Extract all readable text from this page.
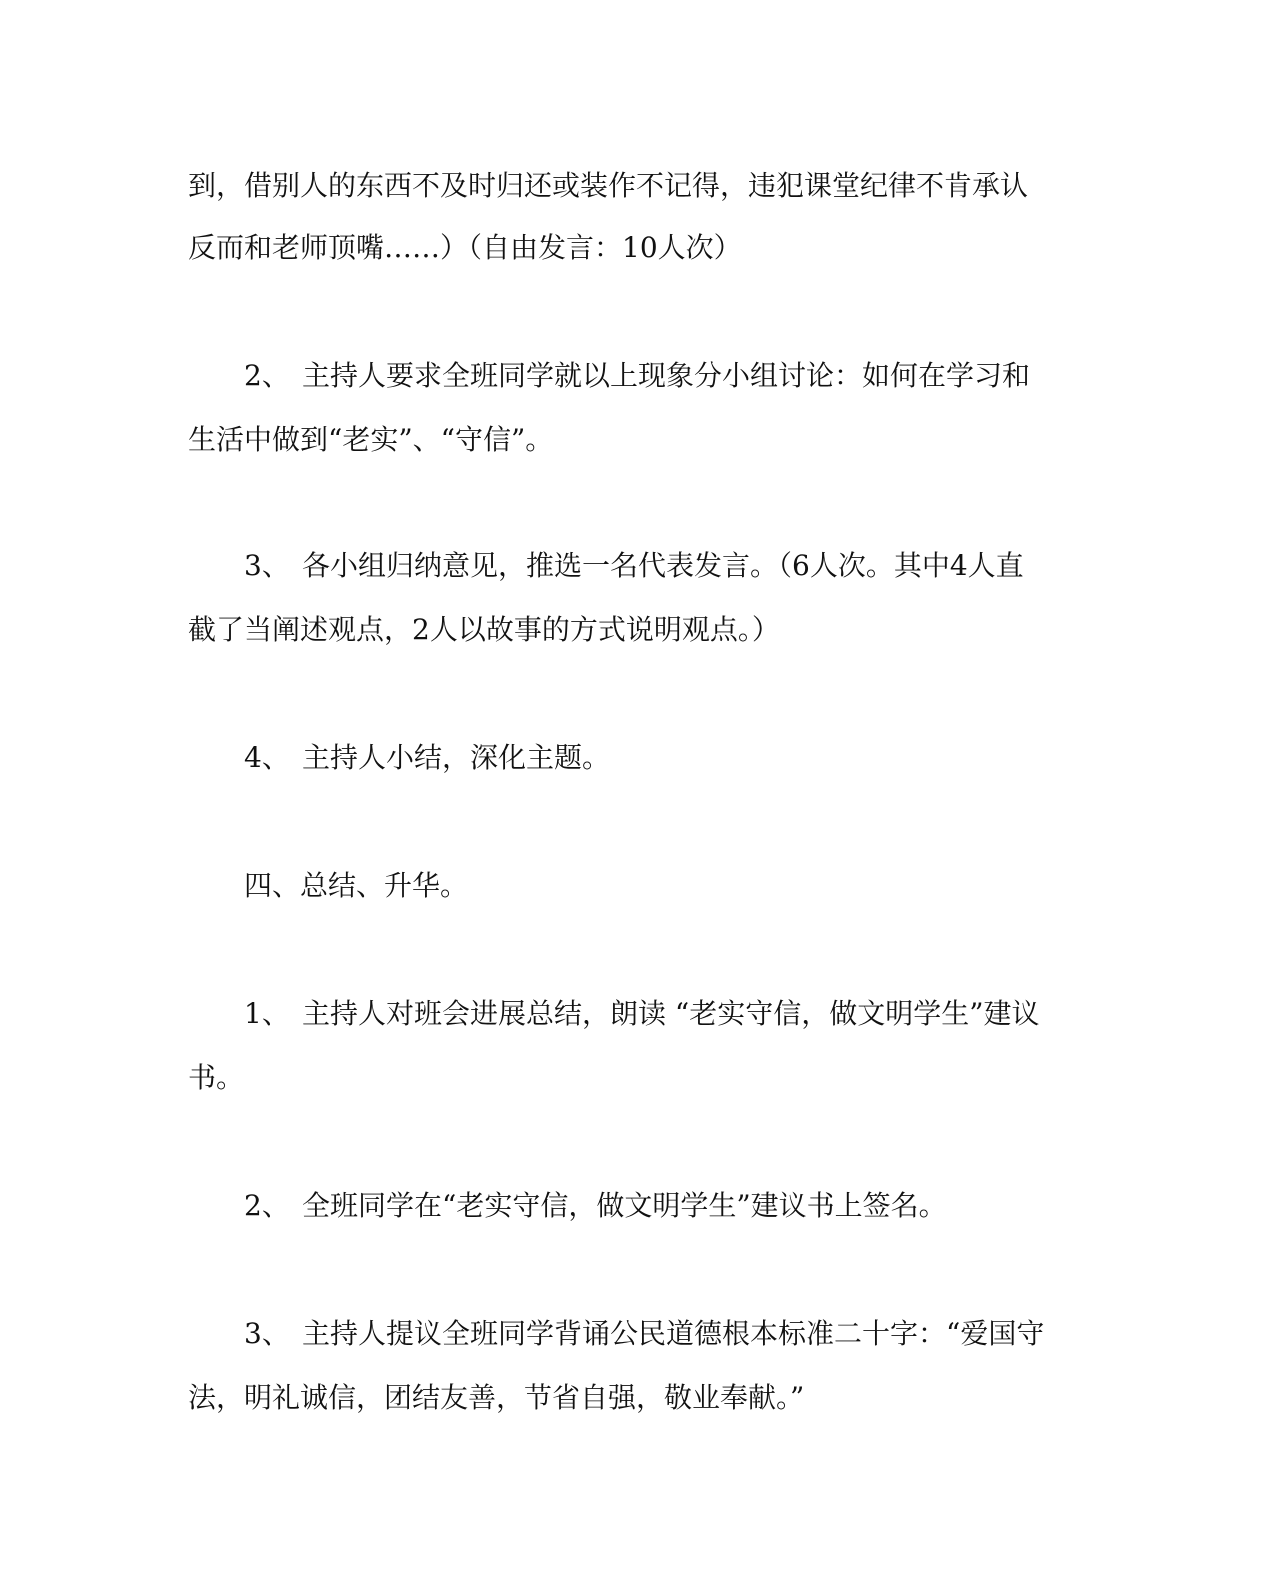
到，借别人的东西不及时归还或装作不记得，违犯课堂纪律不肯承认
反而和老师顶嘴……）（自由发言：10人次）
2、 主持人要求全班同学就以上现象分小组讨论：如何在学习和
生活中做到“老实”、“守信”。
3、 各小组归纳意见，推选一名代表发言。（6人次。其中4人直
截了当阐述观点，2人以故事的方式说明观点。）
4、 主持人小结，深化主题。
四、总结、升华。
1、 主持人对班会进展总结，朗读 “老实守信，做文明学生”建议
书。
2、 全班同学在“老实守信，做文明学生”建议书上签名。
3、 主持人提议全班同学背诵公民道德根本标准二十字：“爱国守
法，明礼诚信，团结友善，节省自强，敬业奉献。”
